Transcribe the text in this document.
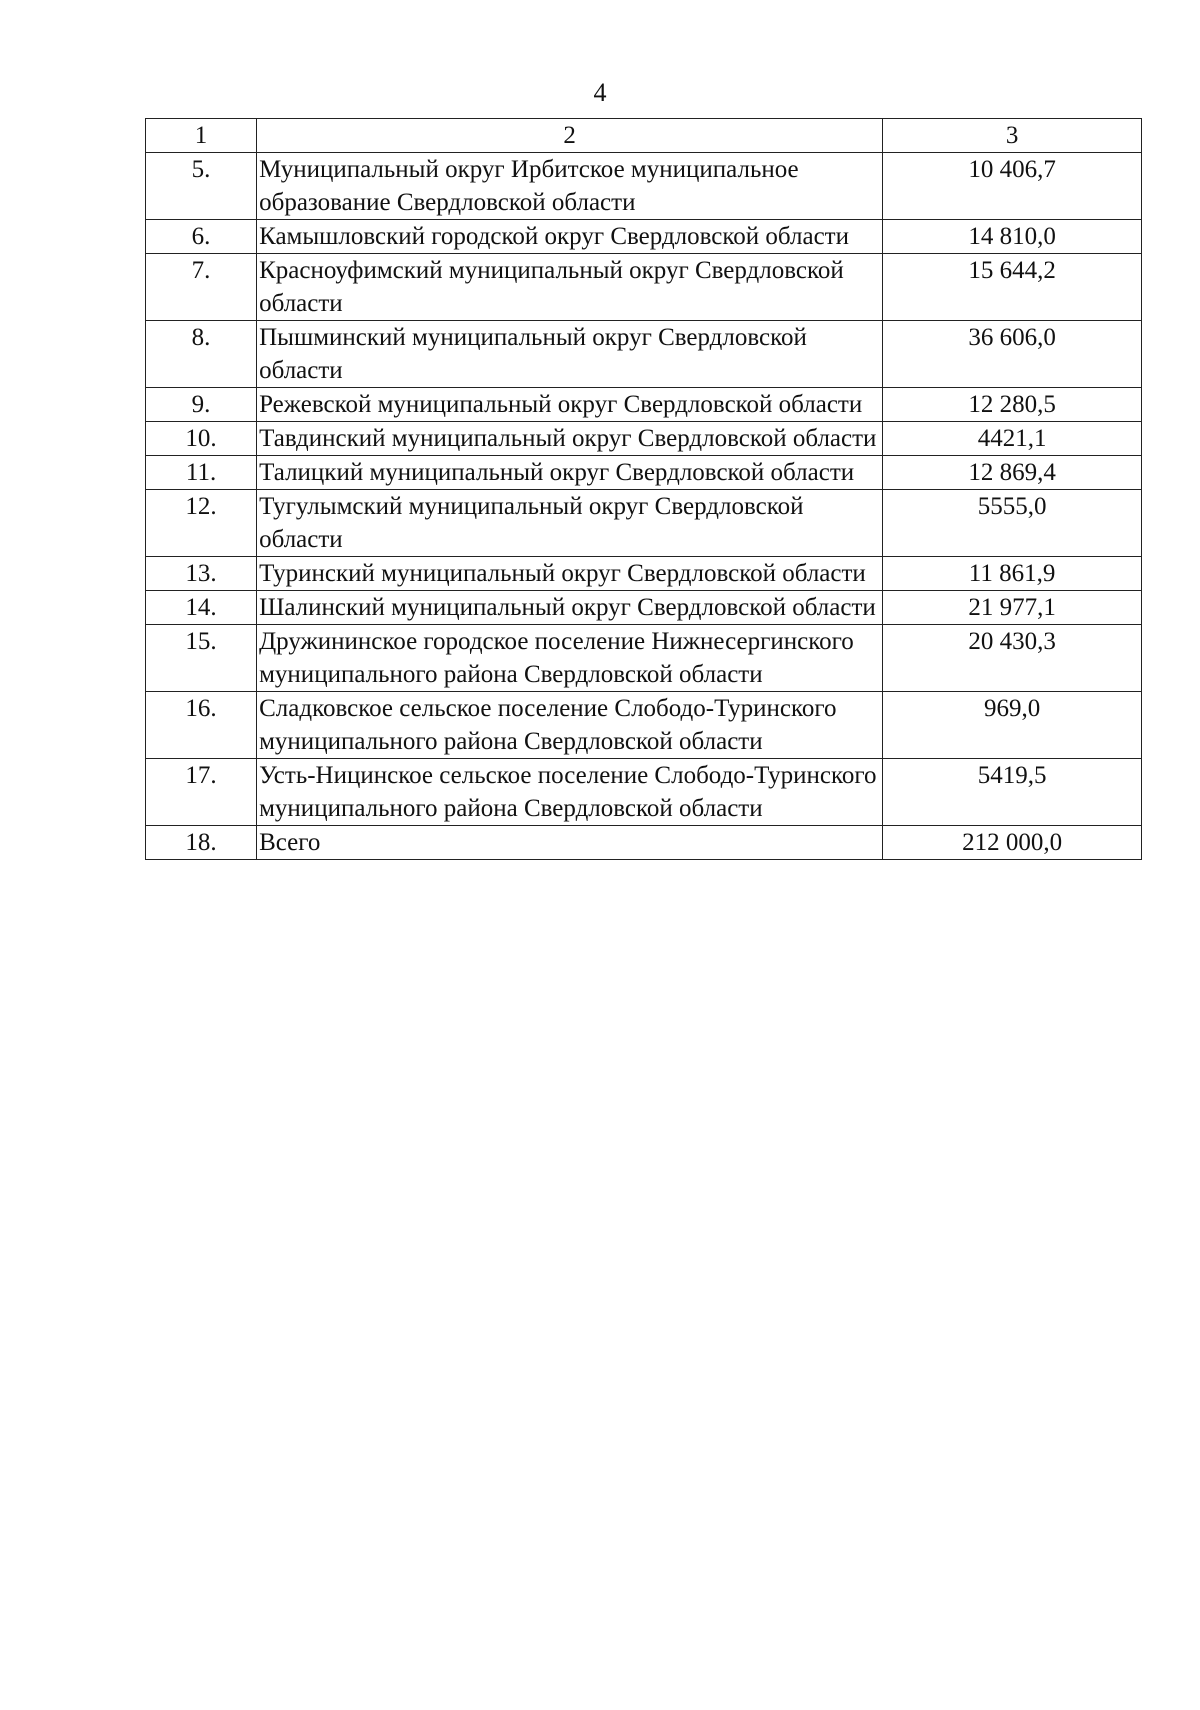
4
1	2	3
5.	Муниципальный округ Ирбитское муниципальное образование Свердловской области	10 406,7
6.	Камышловский городской округ Свердловской области	14 810,0
7.	Красноуфимский муниципальный округ Свердловской области	15 644,2
8.	Пышминский муниципальный округ Свердловской области	36 606,0
9.	Режевской муниципальный округ Свердловской области	12 280,5
10.	Тавдинский муниципальный округ Свердловской области	4421,1
11.	Талицкий муниципальный округ Свердловской области	12 869,4
12.	Тугулымский муниципальный округ Свердловской области	5555,0
13.	Туринский муниципальный округ Свердловской области	11 861,9
14.	Шалинский муниципальный округ Свердловской области	21 977,1
15.	Дружининское городское поселение Нижнесергинского муниципального района Свердловской области	20 430,3
16.	Сладковское сельское поселение Слободо-Туринского муниципального района Свердловской области	969,0
17.	Усть-Ницинское сельское поселение Слободо-Туринского муниципального района Свердловской области	5419,5
18.	Всего	212 000,0
